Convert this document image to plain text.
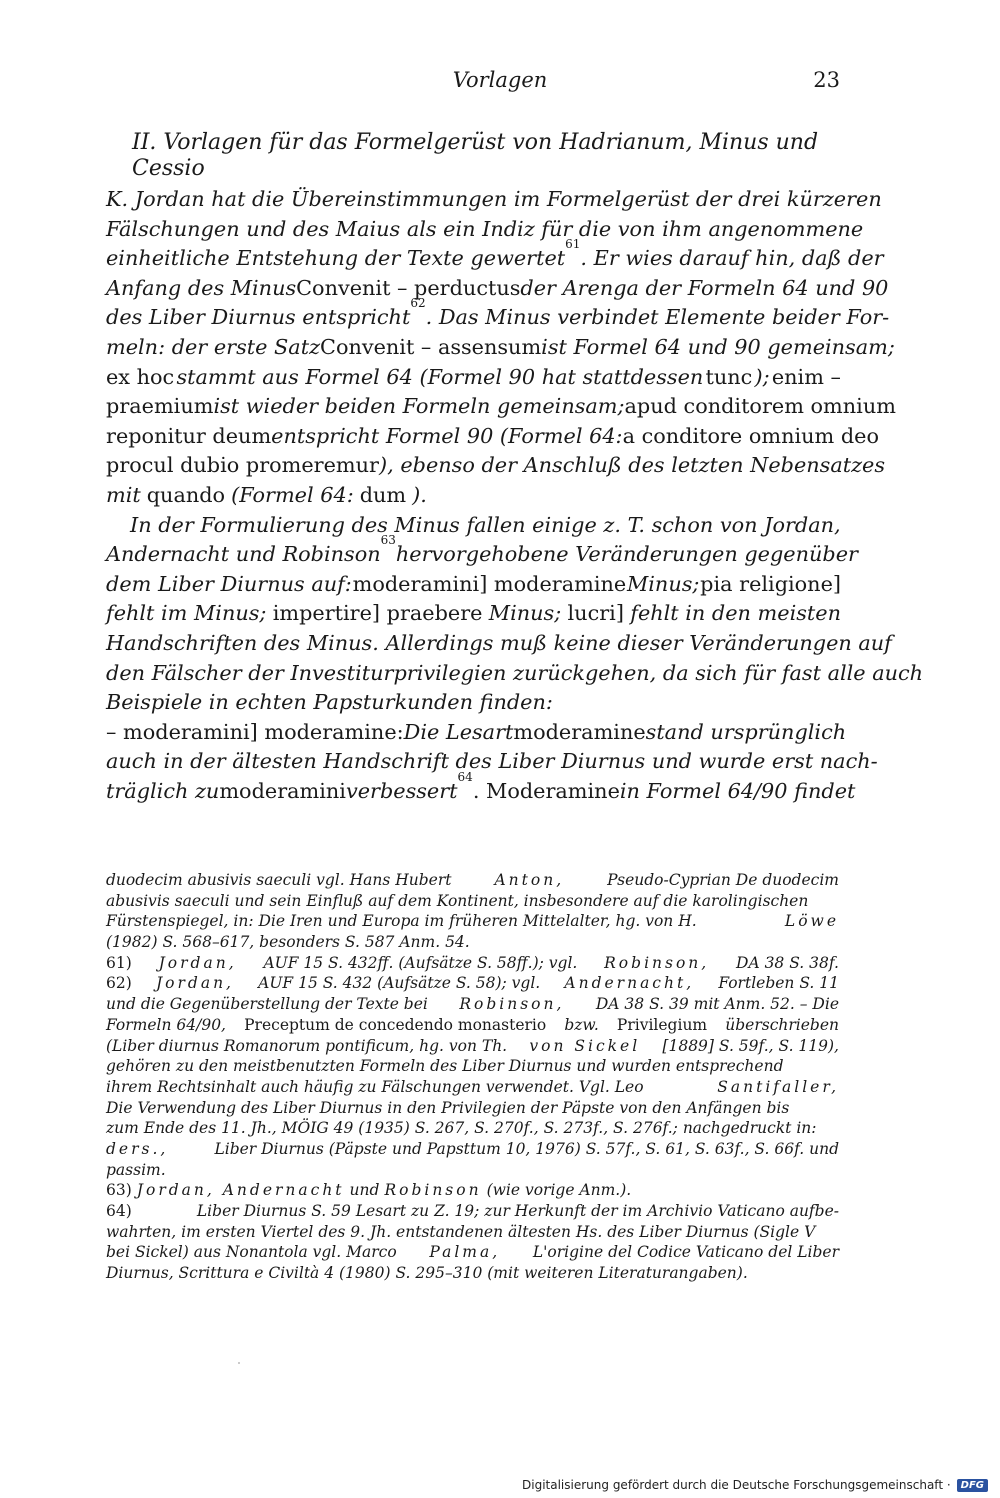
Vorlagen	23
II. Vorlagen für das Formelgerüst von Hadrianum, Minus und Cessio
K. Jordan hat die Übereinstimmungen im Formelgerüst der drei kürzeren
Fälschungen und des Maius als ein Indiz für die von ihm angenommene
einheitliche Entstehung der Texte gewertet
61
. Er wies darauf hin, daß der
Anfang des Minus Convenit – perductus der Arenga der Formeln 64 und 90
des Liber Diurnus entspricht
62
. Das Minus verbindet Elemente beider For-
meln: der erste Satz Convenit – assensum ist Formel 64 und 90 gemeinsam;
ex hoc stammt aus Formel 64 (Formel 90 hat stattdessen tunc ); enim –
praemium ist wieder beiden Formeln gemeinsam; apud conditorem omnium
reponitur deum entspricht Formel 90 (Formel 64: a conditore omnium deo
procul dubio promeremur ), ebenso der Anschluß des letzten Nebensatzes
mit quando (Formel 64: dum ).
In der Formulierung des Minus fallen einige z. T. schon von Jordan,
Andernacht und Robinson
63
hervorgehobene Veränderungen gegenüber
dem Liber Diurnus auf: moderamini] moderamine Minus; pia religione]
fehlt im Minus; impertire] praebere Minus; lucri] fehlt in den meisten
Handschriften des Minus. Allerdings muß keine dieser Veränderungen auf
den Fälscher der Investiturprivilegien zurückgehen, da sich für fast alle auch
Beispiele in echten Papsturkunden finden:
– moderamini] moderamine: Die Lesart moderamine stand ursprünglich
auch in der ältesten Handschrift des Liber Diurnus und wurde erst nach-
träglich zu moderamini verbessert
64
. Moderamine in Formel 64/90 findet
duodecim abusivis saeculi vgl. Hans Hubert	Anton,	Pseudo-Cyprian De duodecim
abusivis saeculi und sein Einfluß auf dem Kontinent, insbesondere auf die karolingischen
Fürstenspiegel, in: Die Iren und Europa im früheren Mittelalter, hg. von H.	Löwe
(1982) S. 568–617, besonders S. 587 Anm. 54.
61) Jordan, AUF 15 S. 432ff. (Aufsätze S. 58ff.); vgl. Robinson, DA 38 S. 38f.
62) Jordan, AUF 15 S. 432 (Aufsätze S. 58); vgl. Andernacht, Fortleben S. 11
und die Gegenüberstellung der Texte bei Robinson, DA 38 S. 39 mit Anm. 52. – Die
Formeln 64/90, Preceptum de concedendo monasterio bzw. Privilegium überschrieben
(Liber diurnus Romanorum pontificum, hg. von Th. von Sickel [1889] S. 59f., S. 119),
gehören zu den meistbenutzten Formeln des Liber Diurnus und wurden entsprechend
ihrem Rechtsinhalt auch häufig zu Fälschungen verwendet. Vgl. Leo	Santifaller,
Die Verwendung des Liber Diurnus in den Privilegien der Päpste von den Anfängen bis
zum Ende des 11. Jh., MÖIG 49 (1935) S. 267, S. 270f., S. 273f., S. 276f.; nachgedruckt in:
ders.,	Liber Diurnus (Päpste und Papsttum 10, 1976) S. 57f., S. 61, S. 63f., S. 66f. und
passim.
63) Jordan, Andernacht und Robinson (wie vorige Anm.).
64)	Liber Diurnus S. 59 Lesart zu Z. 19; zur Herkunft der im Archivio Vaticano aufbe-
wahrten, im ersten Viertel des 9. Jh. entstandenen ältesten Hs. des Liber Diurnus (Sigle V
bei Sickel) aus Nonantola vgl. Marco Palma, L'origine del Codice Vaticano del Liber
Diurnus, Scrittura e Civiltà 4 (1980) S. 295–310 (mit weiteren Literaturangaben).
Digitalisierung gefördert durch die Deutsche Forschungsgemeinschaft ·	DFG
